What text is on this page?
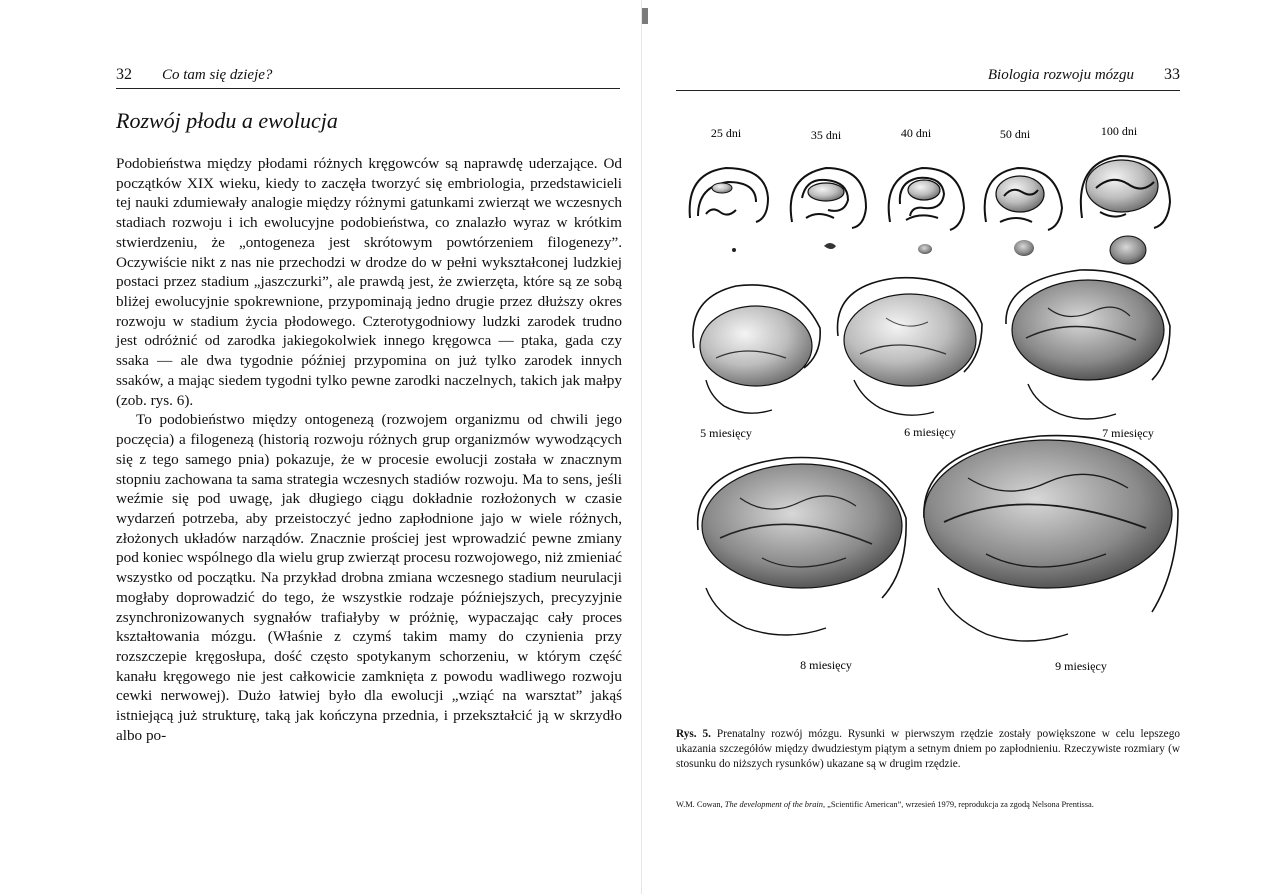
32 Co tam się dzieje?
Rozwój płodu a ewolucja

Podobieństwa między płodami różnych kręgowców są naprawdę uderzające. Od początków XIX wieku, kiedy to zaczęła tworzyć się embriologia, przedstawicieli tej nauki zdumiewały analogie między różnymi gatunkami zwierząt we wczesnych stadiach rozwoju i ich ewolucyjne podobieństwa, co znalazło wyraz w krótkim stwierdzeniu, że „ontogeneza jest skrótowym powtórzeniem filogenezy”. Oczywiście nikt z nas nie przechodzi w drodze do w pełni wykształconej ludzkiej postaci przez stadium „jaszczurki”, ale prawdą jest, że zwierzęta, które są ze sobą bliżej ewolucyjnie spokrewnione, przypominają jedno drugie przez dłuższy okres rozwoju w stadium życia płodowego. Czterotygodniowy ludzki zarodek trudno jest odróżnić od zarodka jakiegokolwiek innego kręgowca — ptaka, gada czy ssaka — ale dwa tygodnie później przypomina on już tylko zarodek innych ssaków, a mając siedem tygodni tylko pewne zarodki naczelnych, takich jak małpy (zob. rys. 6).

To podobieństwo między ontogenezą (rozwojem organizmu od chwili jego poczęcia) a filogenezą (historią rozwoju różnych grup organizmów wywodzących się z tego samego pnia) pokazuje, że w procesie ewolucji została w znacznym stopniu zachowana ta sama strategia wczesnych stadiów rozwoju. Ma to sens, jeśli weźmie się pod uwagę, jak długiego ciągu dokładnie rozłożonych w czasie wydarzeń potrzeba, aby przeistoczyć jedno zapłodnione jajo w wiele różnych, złożonych układów narządów. Znacznie prościej jest wprowadzić pewne zmiany pod koniec wspólnego dla wielu grup zwierząt procesu rozwojowego, niż zmieniać wszystko od początku. Na przykład drobna zmiana wczesnego stadium neurulacji mogłaby doprowadzić do tego, że wszystkie rodzaje późniejszych, precyzyjnie zsynchronizowanych sygnałów trafiałyby w próżnię, wypaczając cały proces kształtowania mózgu. (Właśnie z czymś takim mamy do czynienia przy rozszczepie kręgosłupa, dość często spotykanym schorzeniu, w którym część kanału kręgowego nie jest całkowicie zamknięta z powodu wadliwego rozwoju cewki nerwowej). Dużo łatwiej było dla ewolucji „wziąć na warsztat” jakąś istniejącą już strukturę, taką jak kończyna przednia, i przekształcić ją w skrzydło albo po-

Biologia rozwoju mózgu 33
25 dni	35 dni	40 dni	50 dni	100 dni
5 miesięcy	6 miesięcy	7 miesięcy
8 miesięcy	9 miesięcy
Rys. 5. Prenatalny rozwój mózgu. Rysunki w pierwszym rzędzie zostały powiększone w celu lepszego ukazania szczegółów między dwudziestym piątym a setnym dniem po zapłodnieniu. Rzeczywiste rozmiary (w stosunku do niższych rysunków) ukazane są w drugim rzędzie.
W.M. Cowan, The development of the brain, „Scientific American”, wrzesień 1979, reprodukcja za zgodą Nelsona Prentissa.
